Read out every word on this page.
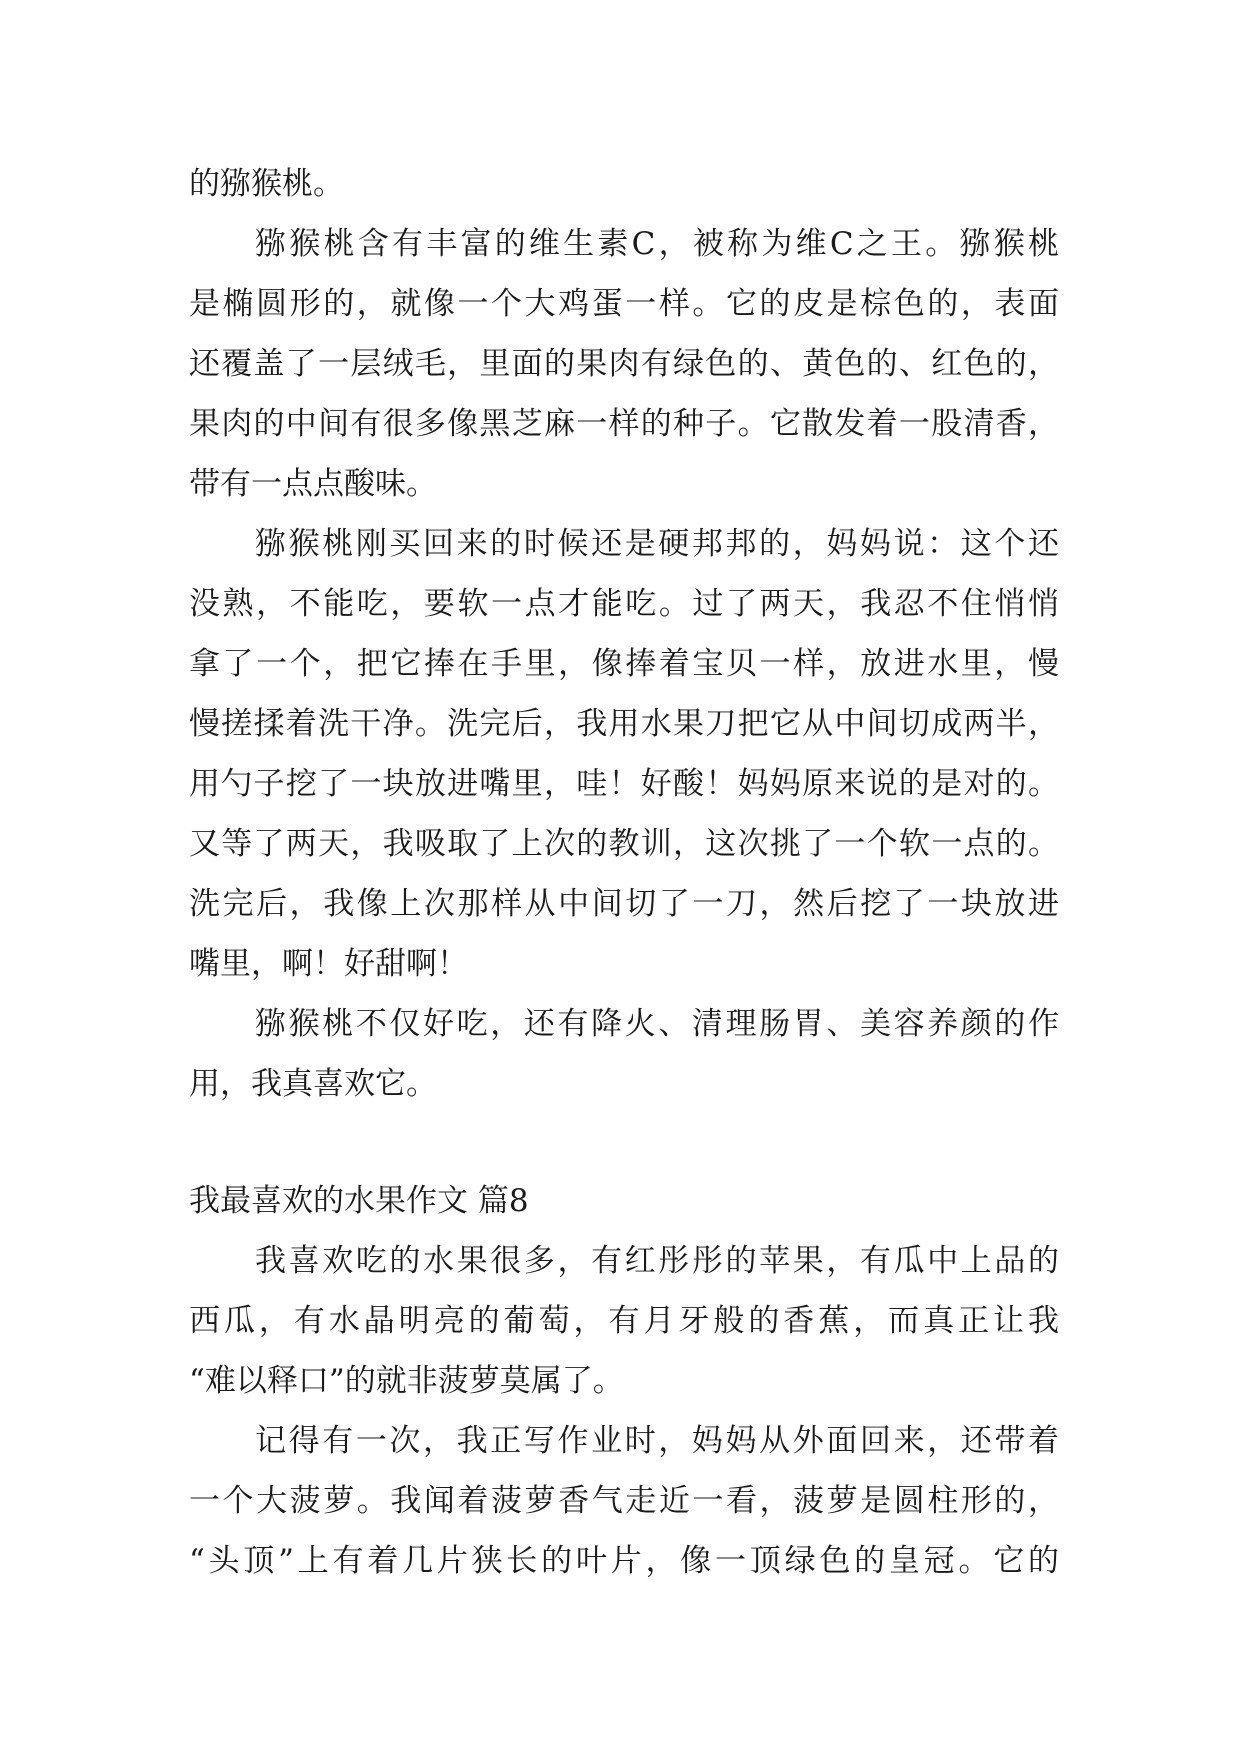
的猕猴桃。
猕猴桃含有丰富的维生素C，被称为维C之王。猕猴桃
是椭圆形的，就像一个大鸡蛋一样。它的皮是棕色的，表面
还覆盖了一层绒毛，里面的果肉有绿色的、黄色的、红色的，
果肉的中间有很多像黑芝麻一样的种子。它散发着一股清香，
带有一点点酸味。
猕猴桃刚买回来的时候还是硬邦邦的，妈妈说：这个还
没熟，不能吃，要软一点才能吃。过了两天，我忍不住悄悄
拿了一个，把它捧在手里，像捧着宝贝一样，放进水里，慢
慢搓揉着洗干净。洗完后，我用水果刀把它从中间切成两半，
用勺子挖了一块放进嘴里，哇！好酸！妈妈原来说的是对的。
又等了两天，我吸取了上次的教训，这次挑了一个软一点的。
洗完后，我像上次那样从中间切了一刀，然后挖了一块放进
嘴里，啊！好甜啊！
猕猴桃不仅好吃，还有降火、清理肠胃、美容养颜的作
用，我真喜欢它。
我最喜欢的水果作文 篇8
我喜欢吃的水果很多，有红彤彤的苹果，有瓜中上品的
西瓜，有水晶明亮的葡萄，有月牙般的香蕉，而真正让我
“难以释口”的就非菠萝莫属了。
记得有一次，我正写作业时，妈妈从外面回来，还带着
一个大菠萝。我闻着菠萝香气走近一看，菠萝是圆柱形的，
“头顶”上有着几片狭长的叶片，像一顶绿色的皇冠。它的
